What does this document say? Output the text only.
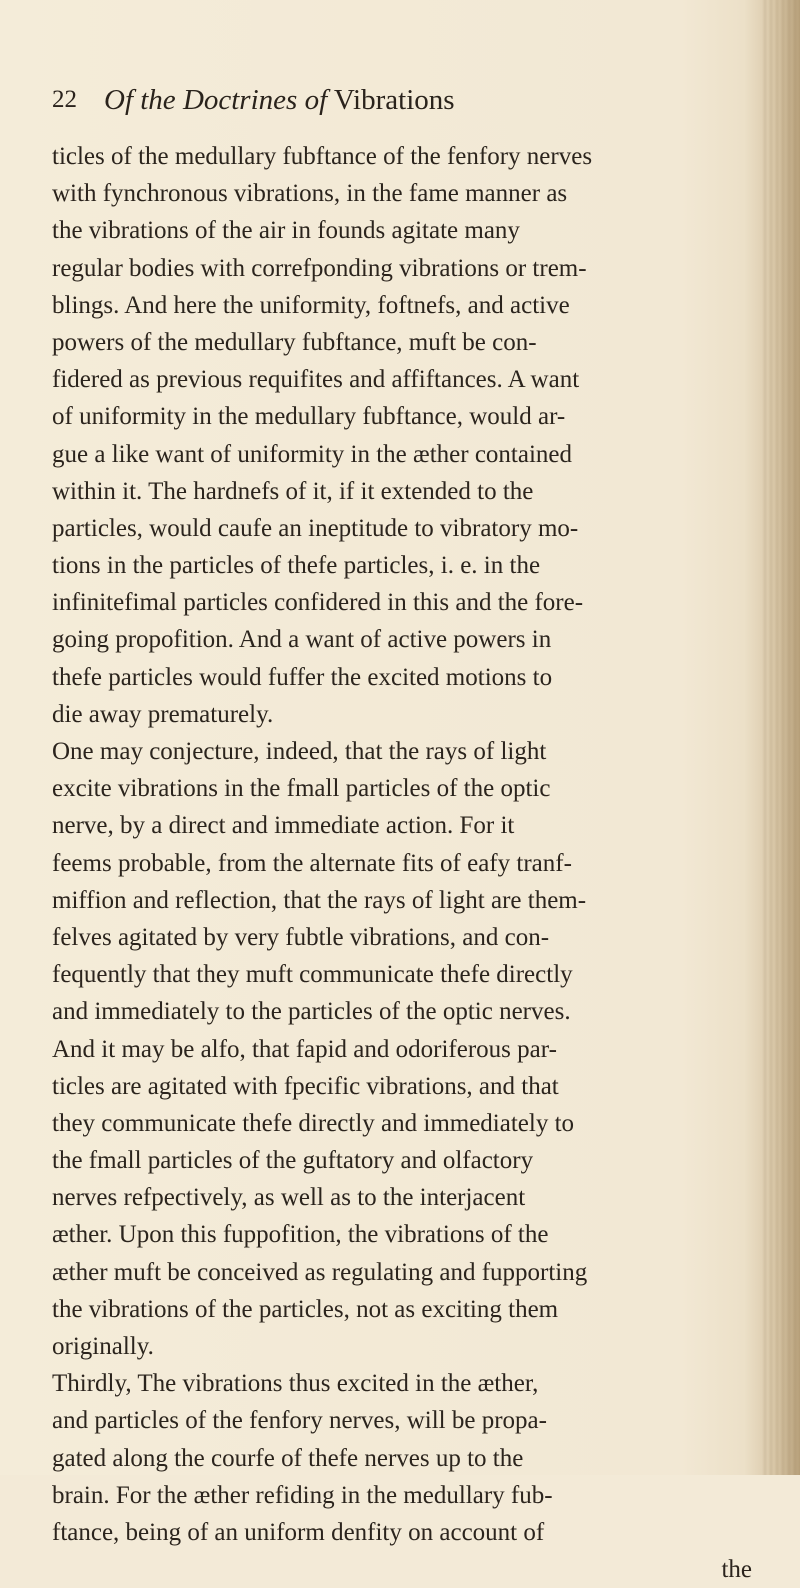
22 Of the Doctrines of Vibrations
ticles of the medullary fubftance of the fenfory nerves
with fynchronous vibrations, in the fame manner as
the vibrations of the air in founds agitate many
regular bodies with correfponding vibrations or trem-
blings. And here the uniformity, foftnefs, and active
powers of the medullary fubftance, muft be con-
fidered as previous requifites and affiftances. A want
of uniformity in the medullary fubftance, would ar-
gue a like want of uniformity in the æther contained
within it. The hardnefs of it, if it extended to the
particles, would caufe an ineptitude to vibratory mo-
tions in the particles of thefe particles, i. e. in the
infinitefimal particles confidered in this and the fore-
going propofition. And a want of active powers in
thefe particles would fuffer the excited motions to
die away prematurely.
One may conjecture, indeed, that the rays of light
excite vibrations in the fmall particles of the optic
nerve, by a direct and immediate action. For it
feems probable, from the alternate fits of eafy tranf-
miffion and reflection, that the rays of light are them-
felves agitated by very fubtle vibrations, and con-
fequently that they muft communicate thefe directly
and immediately to the particles of the optic nerves.
And it may be alfo, that fapid and odoriferous par-
ticles are agitated with fpecific vibrations, and that
they communicate thefe directly and immediately to
the fmall particles of the guftatory and olfactory
nerves refpectively, as well as to the interjacent
æther. Upon this fuppofition, the vibrations of the
æther muft be conceived as regulating and fupporting
the vibrations of the particles, not as exciting them
originally.
Thirdly, The vibrations thus excited in the æther,
and particles of the fenfory nerves, will be propa-
gated along the courfe of thefe nerves up to the
brain. For the æther refiding in the medullary fub-
ftance, being of an uniform denfity on account of
the
